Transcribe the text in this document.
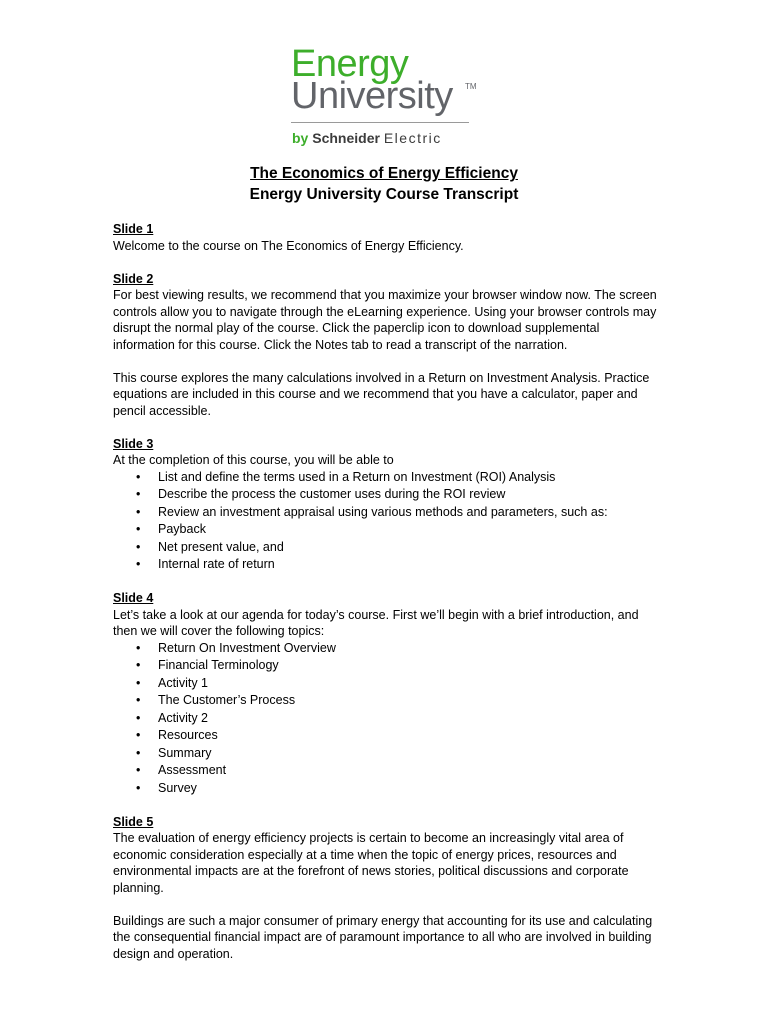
Energy
University TM
by Schneider Electric
The Economics of Energy Efficiency
Energy University Course Transcript

Slide 1

Welcome to the course on The Economics of Energy Efficiency.

Slide 2

For best viewing results, we recommend that you maximize your browser window now. The screen controls allow you to navigate through the eLearning experience. Using your browser controls may disrupt the normal play of the course. Click the paperclip icon to download supplemental information for this course. Click the Notes tab to read a transcript of the narration.

This course explores the many calculations involved in a Return on Investment Analysis. Practice equations are included in this course and we recommend that you have a calculator, paper and pencil accessible.

Slide 3

At the completion of this course, you will be able to

• List and define the terms used in a Return on Investment (ROI) Analysis
• Describe the process the customer uses during the ROI review
• Review an investment appraisal using various methods and parameters, such as:
• Payback
• Net present value, and
• Internal rate of return

Slide 4

Let’s take a look at our agenda for today’s course. First we’ll begin with a brief introduction, and then we will cover the following topics:

• Return On Investment Overview
• Financial Terminology
• Activity 1
• The Customer’s Process
• Activity 2
• Resources
• Summary
• Assessment
• Survey

Slide 5

The evaluation of energy efficiency projects is certain to become an increasingly vital area of economic consideration especially at a time when the topic of energy prices, resources and environmental impacts are at the forefront of news stories, political discussions and corporate planning.

Buildings are such a major consumer of primary energy that accounting for its use and calculating the consequential financial impact are of paramount importance to all who are involved in building design and operation.
